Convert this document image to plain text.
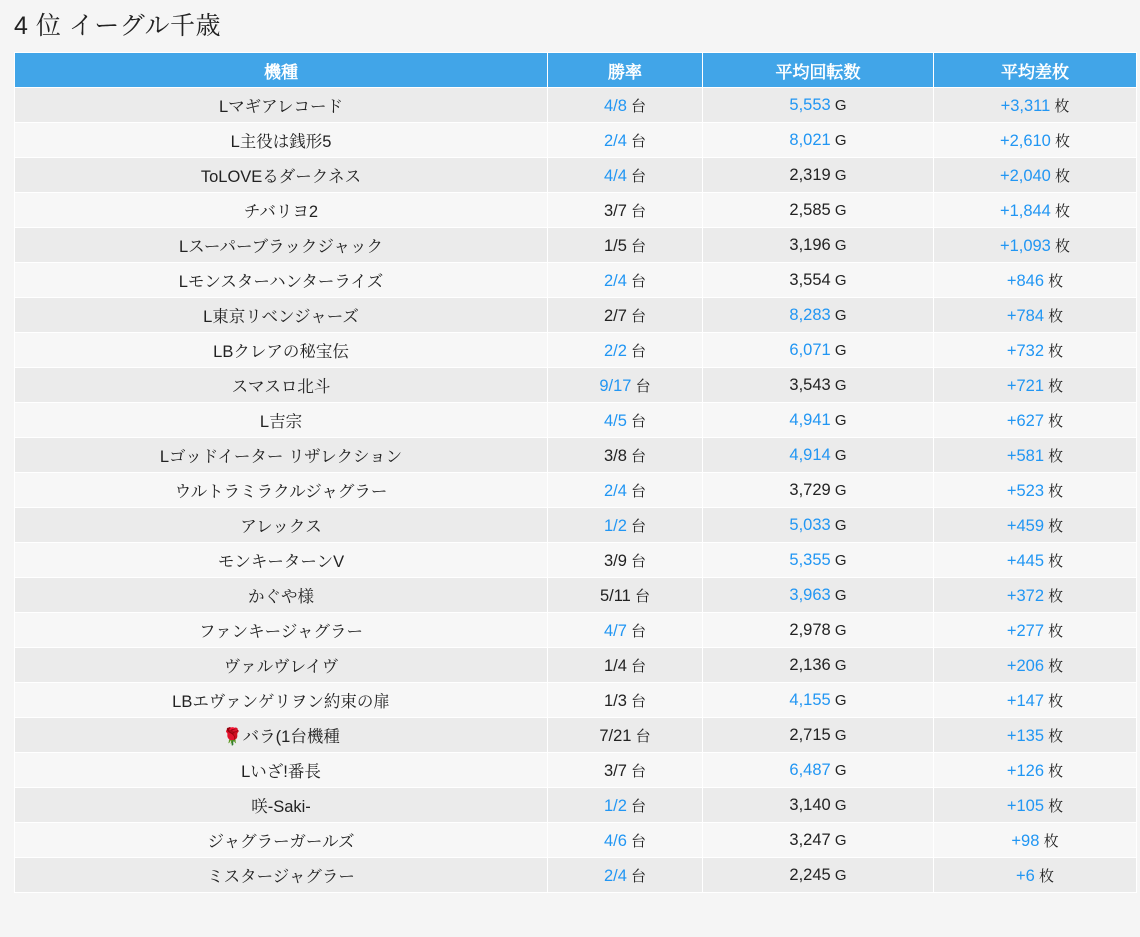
4 位 イーグル千歳
機種	勝率	平均回転数	平均差枚
Lマギアレコード	4/8 台	5,553 G	+3,311 枚
L主役は銭形5	2/4 台	8,021 G	+2,610 枚
ToLOVEるダークネス	4/4 台	2,319 G	+2,040 枚
チバリヨ2	3/7 台	2,585 G	+1,844 枚
Lスーパーブラックジャック	1/5 台	3,196 G	+1,093 枚
Lモンスターハンターライズ	2/4 台	3,554 G	+846 枚
L東京リベンジャーズ	2/7 台	8,283 G	+784 枚
LBクレアの秘宝伝	2/2 台	6,071 G	+732 枚
スマスロ北斗	9/17 台	3,543 G	+721 枚
L吉宗	4/5 台	4,941 G	+627 枚
Lゴッドイーター リザレクション	3/8 台	4,914 G	+581 枚
ウルトラミラクルジャグラー	2/4 台	3,729 G	+523 枚
アレックス	1/2 台	5,033 G	+459 枚
モンキーターンV	3/9 台	5,355 G	+445 枚
かぐや様	5/11 台	3,963 G	+372 枚
ファンキージャグラー	4/7 台	2,978 G	+277 枚
ヴァルヴレイヴ	1/4 台	2,136 G	+206 枚
LBエヴァンゲリヲン約束の扉	1/3 台	4,155 G	+147 枚
🌹バラ(1台機種	7/21 台	2,715 G	+135 枚
Lいざ!番長	3/7 台	6,487 G	+126 枚
咲-Saki-	1/2 台	3,140 G	+105 枚
ジャグラーガールズ	4/6 台	3,247 G	+98 枚
ミスタージャグラー	2/4 台	2,245 G	+6 枚
